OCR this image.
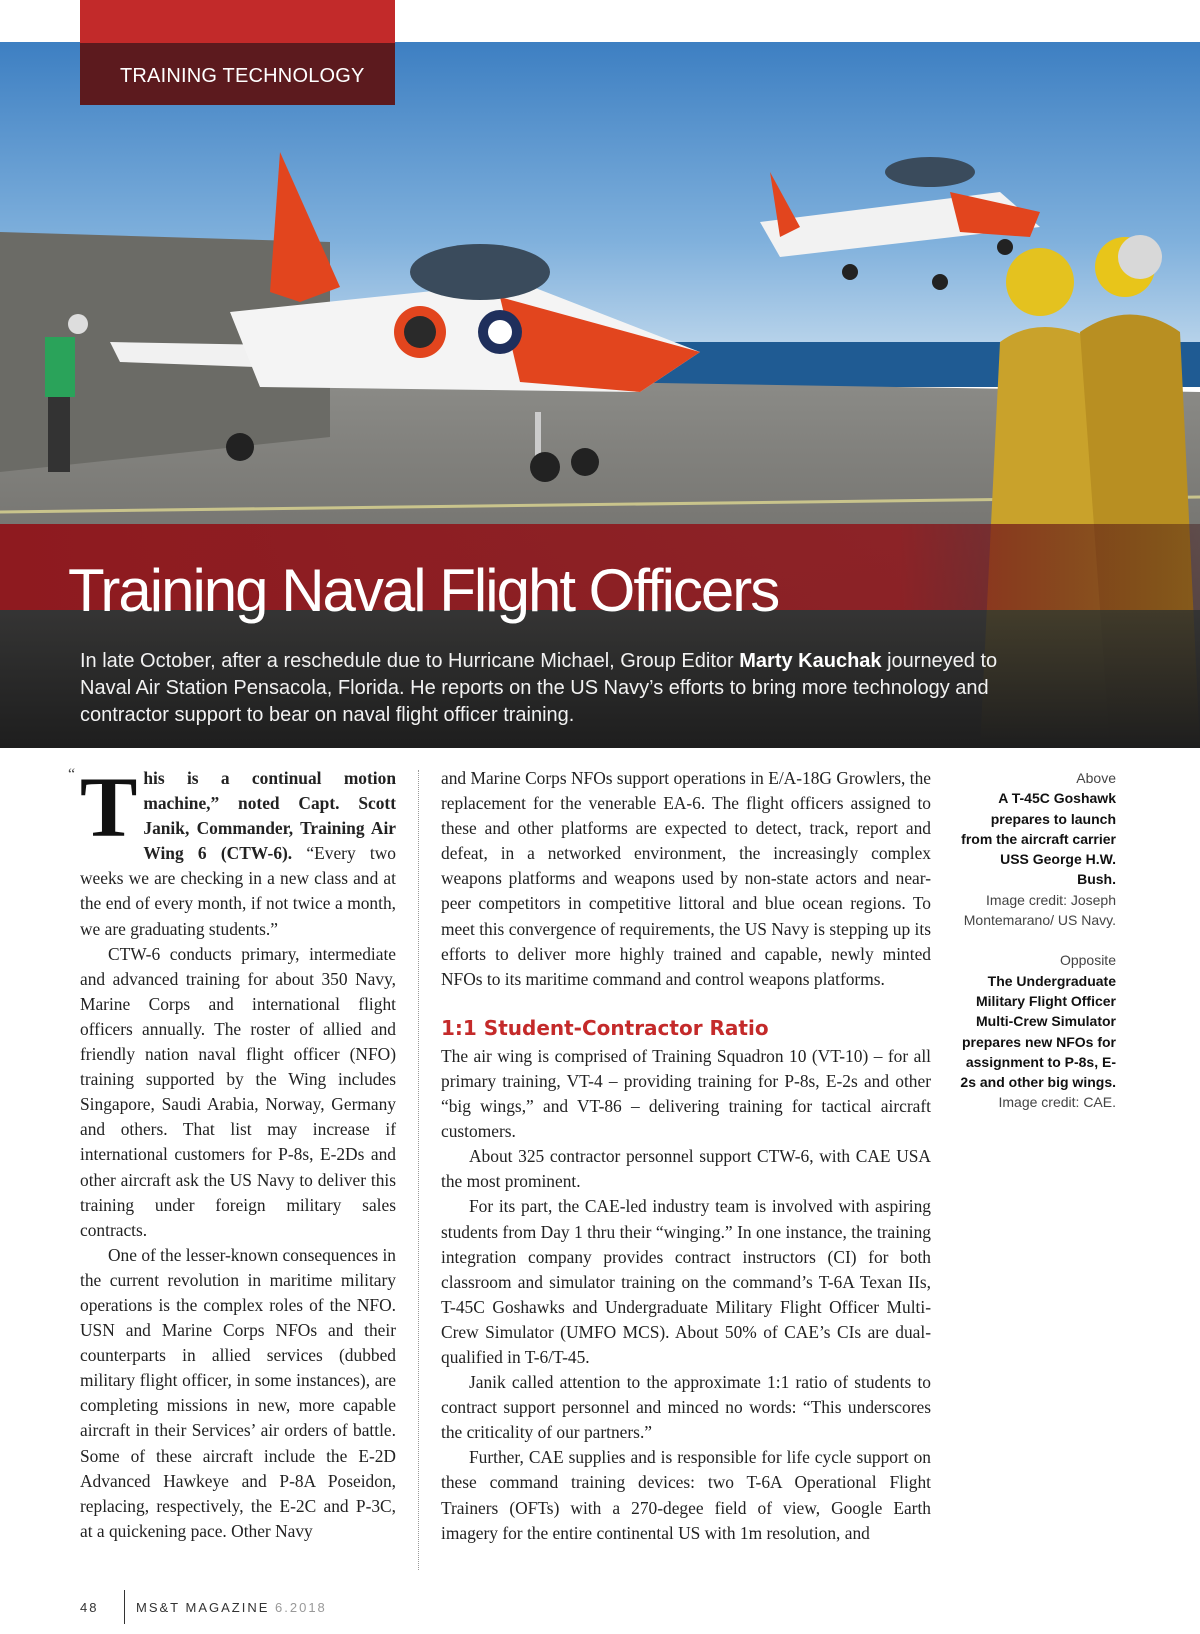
TRAINING TECHNOLOGY
Training Naval Flight Officers

In late October, after a reschedule due to Hurricane Michael, Group Editor Marty Kauchak journeyed to Naval Air Station Pensacola, Florida. He reports on the US Navy’s efforts to bring more technology and contractor support to bear on naval flight officer training.

“ This is a continual motion machine,” noted Capt. Scott Janik, Commander, Training Air Wing 6 (CTW-6). “Every two weeks we are checking in a new class and at the end of every month, if not twice a month, we are graduating students.”

CTW-6 conducts primary, intermediate and advanced training for about 350 Navy, Marine Corps and international flight officers annually. The roster of allied and friendly nation naval flight officer (NFO) training supported by the Wing includes Singapore, Saudi Arabia, Norway, Germany and others. That list may increase if international customers for P-8s, E-2Ds and other aircraft ask the US Navy to deliver this training under foreign military sales contracts.

One of the lesser-known consequences in the current revolution in maritime military operations is the complex roles of the NFO. USN and Marine Corps NFOs and their counterparts in allied services (dubbed military flight officer, in some instances), are completing missions in new, more capable aircraft in their Services’ air orders of battle. Some of these aircraft include the E-2D Advanced Hawkeye and P-8A Poseidon, replacing, respectively, the E-2C and P-3C, at a quickening pace. Other Navy

and Marine Corps NFOs support operations in E/A-18G Growlers, the replacement for the venerable EA-6. The flight officers assigned to these and other platforms are expected to detect, track, report and defeat, in a networked environment, the increasingly complex weapons platforms and weapons used by non-state actors and near-peer competitors in competitive littoral and blue ocean regions. To meet this convergence of requirements, the US Navy is stepping up its efforts to deliver more highly trained and capable, newly minted NFOs to its maritime command and control weapons platforms.

1:1 Student-Contractor Ratio

The air wing is comprised of Training Squadron 10 (VT-10) – for all primary training, VT-4 – providing training for P-8s, E-2s and other “big wings,” and VT-86 – delivering training for tactical aircraft customers.

About 325 contractor personnel support CTW-6, with CAE USA the most prominent.

For its part, the CAE-led industry team is involved with aspiring students from Day 1 thru their “winging.” In one instance, the training integration company provides contract instructors (CI) for both classroom and simulator training on the command’s T-6A Texan IIs, T-45C Goshawks and Undergraduate Military Flight Officer Multi-Crew Simulator (UMFO MCS). About 50% of CAE’s CIs are dual-qualified in T-6/T-45.

Janik called attention to the approximate 1:1 ratio of students to contract support personnel and minced no words: “This underscores the criticality of our partners.”

Further, CAE supplies and is responsible for life cycle support on these command training devices: two T-6A Operational Flight Trainers (OFTs) with a 270-degee field of view, Google Earth imagery for the entire continental US with 1m resolution, and

Above
A T-45C Goshawk prepares to launch from the aircraft carrier USS George H.W. Bush.
Image credit: Joseph Montemarano/ US Navy.
Opposite
The Undergraduate Military Flight Officer Multi-Crew Simulator prepares new NFOs for assignment to P-8s, E-2s and other big wings.
Image credit: CAE.
48	MS&T MAGAZINE 6.2018
